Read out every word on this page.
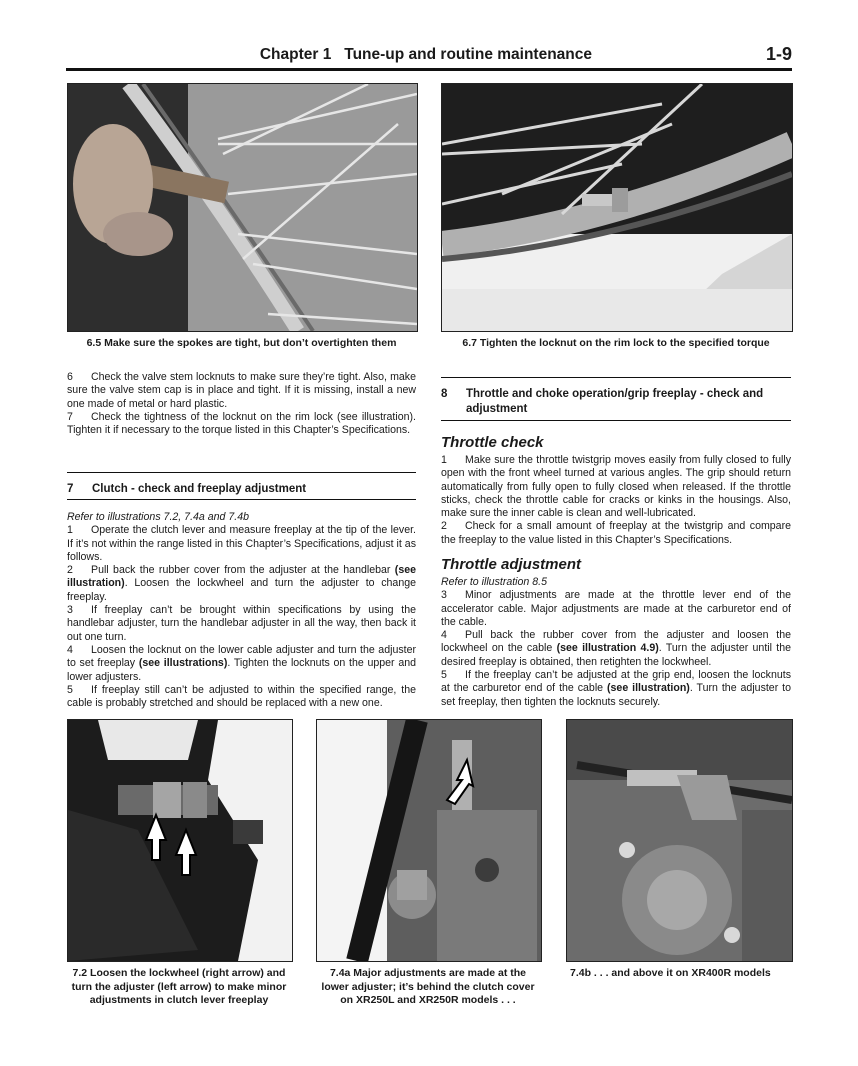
Chapter 1   Tune-up and routine maintenance	1-9
6.5 Make sure the spokes are tight, but don’t overtighten them	6.7 Tighten the locknut on the rim lock to the specified torque

6 Check the valve stem locknuts to make sure they’re tight. Also, make sure the valve stem cap is in place and tight. If it is missing, install a new one made of metal or hard plastic.

7 Check the tightness of the locknut on the rim lock (see illustration). Tighten it if necessary to the torque listed in this Chapter’s Specifications.

7 Clutch - check and freeplay adjustment

Refer to illustrations 7.2, 7.4a and 7.4b

1 Operate the clutch lever and measure freeplay at the tip of the lever. If it’s not within the range listed in this Chapter’s Specifications, adjust it as follows.

2 Pull back the rubber cover from the adjuster at the handlebar (see illustration). Loosen the lockwheel and turn the adjuster to change freeplay.

3 If freeplay can’t be brought within specifications by using the handlebar adjuster, turn the handlebar adjuster in all the way, then back it out one turn.

4 Loosen the locknut on the lower cable adjuster and turn the adjuster to set freeplay (see illustrations). Tighten the locknuts on the upper and lower adjusters.

5 If freeplay still can’t be adjusted to within the specified range, the cable is probably stretched and should be replaced with a new one.

8 Throttle and choke operation/grip freeplay - check and adjustment
Throttle check

1 Make sure the throttle twistgrip moves easily from fully closed to fully open with the front wheel turned at various angles. The grip should return automatically from fully open to fully closed when released. If the throttle sticks, check the throttle cable for cracks or kinks in the housings. Also, make sure the inner cable is clean and well-lubricated.

2 Check for a small amount of freeplay at the twistgrip and compare the freeplay to the value listed in this Chapter’s Specifications.

Throttle adjustment

Refer to illustration 8.5

3 Minor adjustments are made at the throttle lever end of the accelerator cable. Major adjustments are made at the carburetor end of the cable.

4 Pull back the rubber cover from the adjuster and loosen the lockwheel on the cable (see illustration 4.9). Turn the adjuster until the desired freeplay is obtained, then retighten the lockwheel.

5 If the freeplay can’t be adjusted at the grip end, loosen the locknuts at the carburetor end of the cable (see illustration). Turn the adjuster to set freeplay, then tighten the locknuts securely.

7.2 Loosen the lockwheel (right arrow) and turn the adjuster (left arrow) to make minor adjustments in clutch lever freeplay
7.4a Major adjustments are made at the lower adjuster; it’s behind the clutch cover on XR250L and XR250R models . . .
7.4b . . . and above it on XR400R models
